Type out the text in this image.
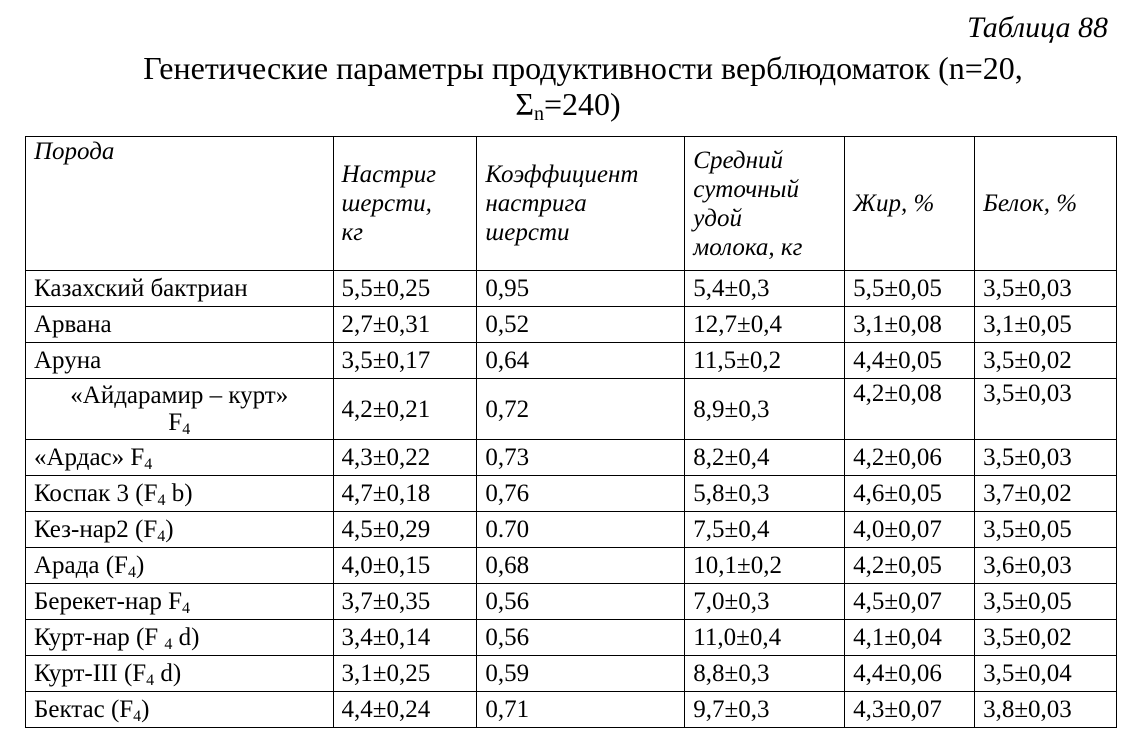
Таблица 88
Генетические параметры продуктивности верблюдоматок (n=20,
$\Sigma_n=240$)
Порода	Настриг
шерсти,
кг	Коэффициент
настрига
шерсти	Средний
суточный
удой
молока, кг	Жир, %	Белок, %
Казахский бактриан	5,5±0,25	0,95	5,4±0,3	5,5±0,05	3,5±0,03
Арвана	2,7±0,31	0,52	12,7±0,4	3,1±0,08	3,1±0,05
Аруна	3,5±0,17	0,64	11,5±0,2	4,4±0,05	3,5±0,02
«Айдарамир – курт»
$F_4$	4,2±0,21	0,72	8,9±0,3	4,2±0,08	3,5±0,03
«Ардас» $F_4$	4,3±0,22	0,73	8,2±0,4	4,2±0,06	3,5±0,03
Коспак 3 ($F_4$ b)	4,7±0,18	0,76	5,8±0,3	4,6±0,05	3,7±0,02
Кез-нар2 $(F_4)$	4,5±0,29	0.70	7,5±0,4	4,0±0,07	3,5±0,05
Арада $(F_4)$	4,0±0,15	0,68	10,1±0,2	4,2±0,05	3,6±0,03
Берекет-нар $F_4$	3,7±0,35	0,56	7,0±0,3	4,5±0,07	3,5±0,05
Курт-нар (F $_4$ d)	3,4±0,14	0,56	11,0±0,4	4,1±0,04	3,5±0,02
Курт-III ($F_4$ d)	3,1±0,25	0,59	8,8±0,3	4,4±0,06	3,5±0,04
Бектас $(F_4)$	4,4±0,24	0,71	9,7±0,3	4,3±0,07	3,8±0,03
